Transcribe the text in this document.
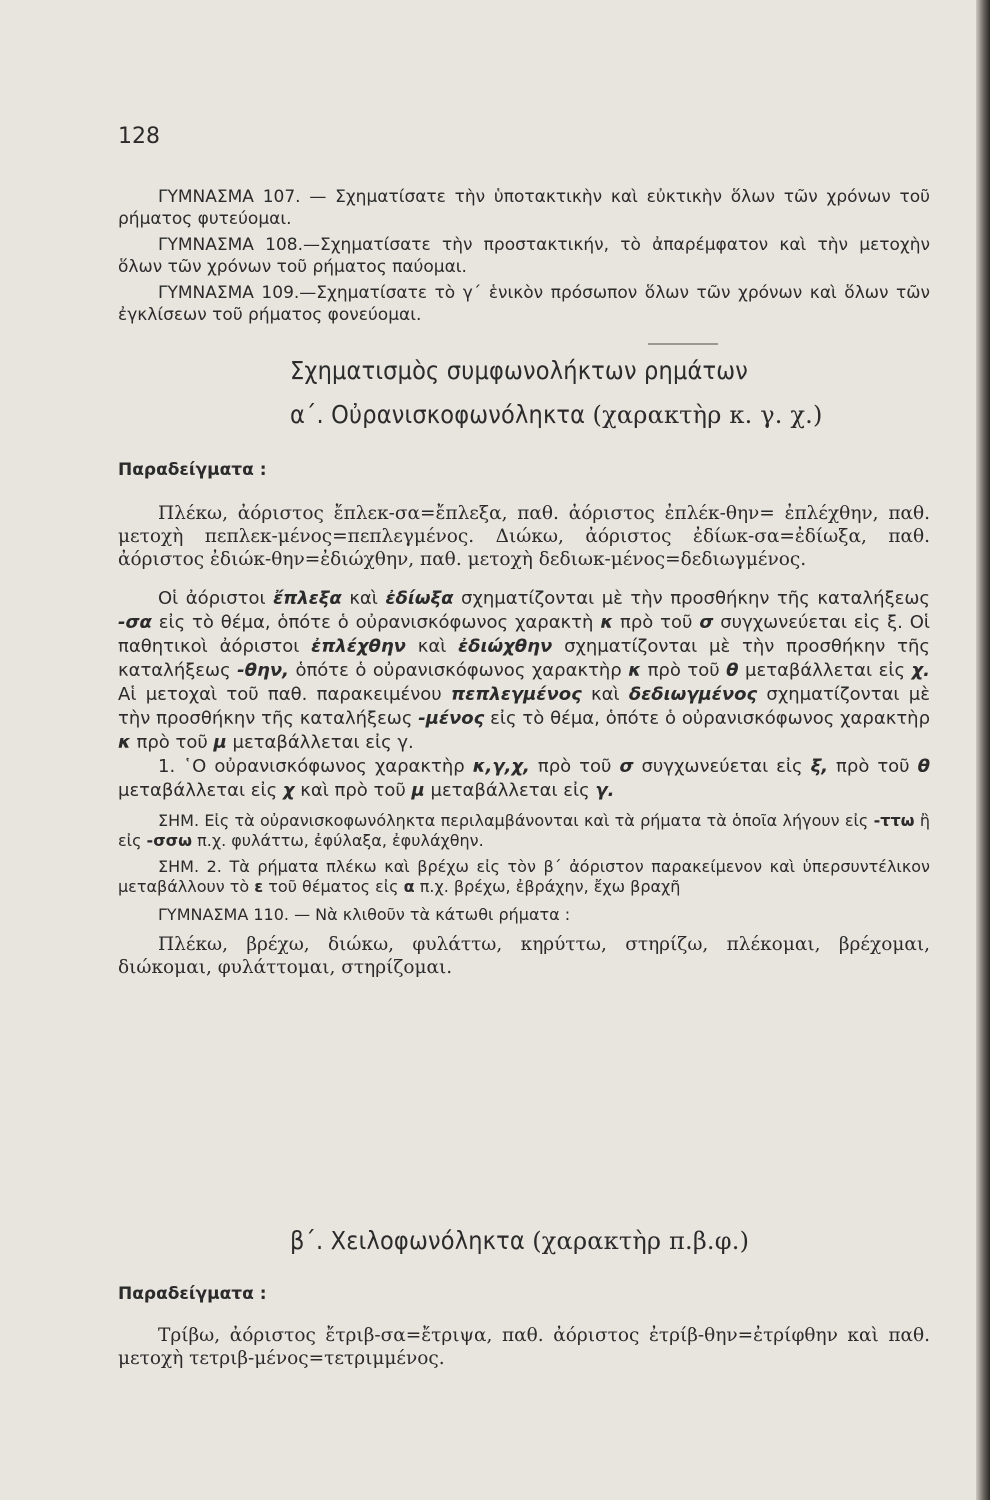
128

ΓΥΜΝΑΣΜΑ 107. — Σχηματίσατε τὴν ὑποτακτικὴν καὶ εὐκτικὴν ὅλων τῶν χρόνων τοῦ ρήματος φυτεύομαι.

ΓΥΜΝΑΣΜΑ 108.—Σχηματίσατε τὴν προστακτικήν, τὸ ἀπαρέμφατον καὶ τὴν μετοχὴν ὅλων τῶν χρόνων τοῦ ρήματος παύομαι.

ΓΥΜΝΑΣΜΑ 109.—Σχηματίσατε τὸ γ΄ ἑνικὸν πρόσωπον ὅλων τῶν χρόνων καὶ ὅλων τῶν ἐγκλίσεων τοῦ ρήματος φονεύομαι.

Σχηματισμὸς συμφωνολήκτων ρημάτων
α΄. Οὐρανισκοφωνόληκτα (χαρακτὴρ κ. γ. χ.)
Παραδείγματα :

Πλέκω, ἀόριστος ἔπλεκ-σα=ἔπλεξα, παθ. ἀόριστος ἐπλέκ-θην= ἐπλέχθην, παθ. μετοχὴ πεπλεκ-μένος=πεπλεγμένος. Διώκω, ἀόριστος ἐδίωκ-σα=ἐδίωξα, παθ. ἀόριστος ἐδιώκ-θην=ἐδιώχθην, παθ. μετοχὴ δεδιωκ-μένος=δεδιωγμένος.

Οἱ ἀόριστοι ἔπλεξα καὶ ἐδίωξα σχηματίζονται μὲ τὴν προσθήκην τῆς καταλήξεως -σα εἰς τὸ θέμα, ὁπότε ὁ οὐρανισκόφωνος χαρακτὴ κ πρὸ τοῦ σ συγχωνεύεται εἰς ξ. Οἱ παθητικοὶ ἀόριστοι ἐπλέχθην καὶ ἐδιώχθην σχηματίζονται μὲ τὴν προσθήκην τῆς καταλήξεως -θην, ὁπότε ὁ οὐρανισκόφωνος χαρακτὴρ κ πρὸ τοῦ θ μεταβάλλεται εἰς χ. Αἱ μετοχαὶ τοῦ παθ. παρακειμένου πεπλεγμένος καὶ δεδιωγμένος σχηματίζονται μὲ τὴν προσθήκην τῆς καταλήξεως -μένος εἰς τὸ θέμα, ὁπότε ὁ οὐρανισκόφωνος χαρακτὴρ κ πρὸ τοῦ μ μεταβάλλεται εἰς γ.

1. ῾Ο οὐρανισκόφωνος χαρακτὴρ κ,γ,χ, πρὸ τοῦ σ συγχωνεύεται εἰς ξ, πρὸ τοῦ θ μεταβάλλεται εἰς χ καὶ πρὸ τοῦ μ μεταβάλλεται εἰς γ.

ΣΗΜ. Εἰς τὰ οὐρανισκοφωνόληκτα περιλαμβάνονται καὶ τὰ ρήματα τὰ ὁποῖα λήγουν εἰς -ττω ἢ εἰς -σσω π.χ. φυλάττω, ἐφύλαξα, ἐφυλάχθην.

ΣΗΜ. 2. Τὰ ρήματα πλέκω καὶ βρέχω εἰς τὸν β΄ ἀόριστον παρακείμενον καὶ ὑπερσυντέλικον μεταβάλλουν τὸ ε τοῦ θέματος εἰς α π.χ. βρέχω, ἐβράχην, ἔχω βραχῆ

ΓΥΜΝΑΣΜΑ 110. — Νὰ κλιθοῦν τὰ κάτωθι ρήματα :

Πλέκω, βρέχω, διώκω, φυλάττω, κηρύττω, στηρίζω, πλέκομαι, βρέχομαι, διώκομαι, φυλάττομαι, στηρίζομαι.

β΄. Χειλοφωνόληκτα (χαρακτὴρ π.β.φ.)
Παραδείγματα :

Τρίβω, ἀόριστος ἔτριβ-σα=ἔτριψα, παθ. ἀόριστος ἐτρίβ-θην=ἐτρίφθην καὶ παθ. μετοχὴ τετριβ-μένος=τετριμμένος.
